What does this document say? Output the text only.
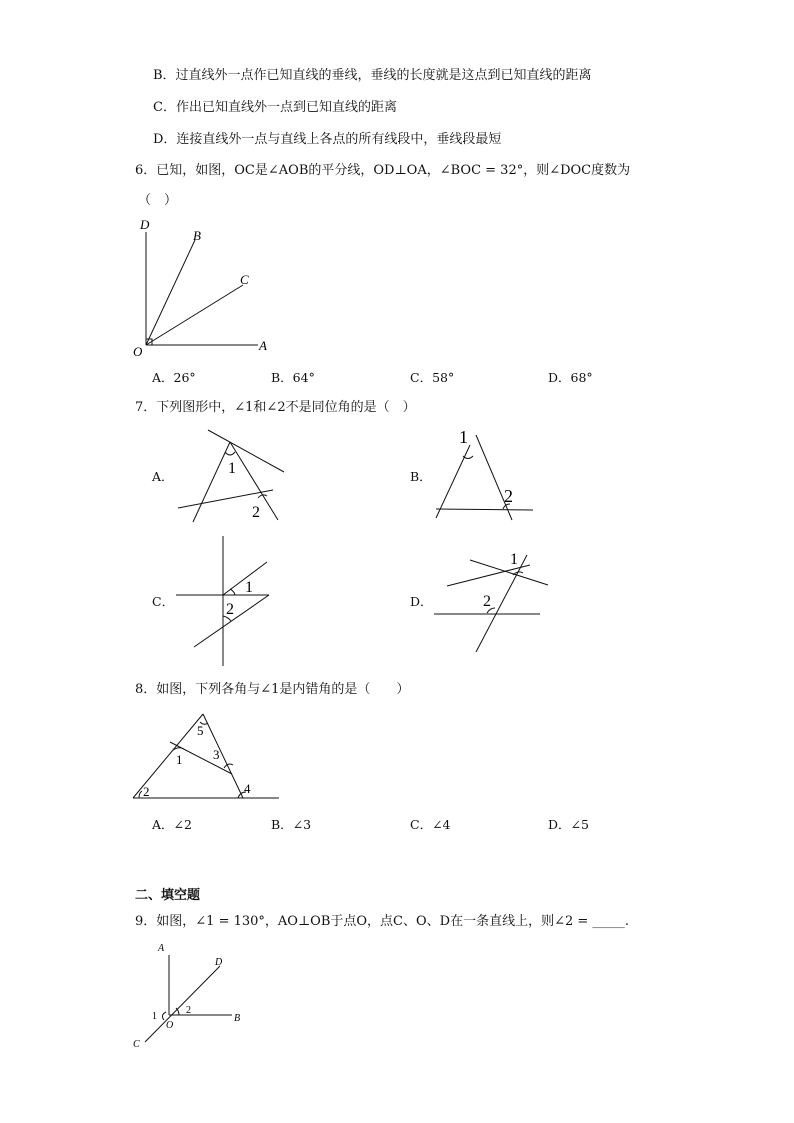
B．过直线外一点作已知直线的垂线，垂线的长度就是这点到已知直线的距离
C．作出已知直线外一点到已知直线的距离
D．连接直线外一点与直线上各点的所有线段中，垂线段最短
6．已知，如图，OC是∠AOB的平分线，OD⊥OA，∠BOC = 32°，则∠DOC度数为
（　）
D
B
C
O	A
A．26°	B．64°	C．58°	D．68°
7．下列图形中，∠1和∠2不是同位角的是（　）
A．	B．
C．	D．
1
2
1
2
1
2
1
2
8．如图，下列各角与∠1是内错角的是（　　）
5
1 3
4
2
A．∠2	B．∠3	C．∠4	D．∠5
二、填空题
9．如图，∠1 = 130°，AO⊥OB于点O，点C、O、D在一条直线上，则∠2 = _____.
A
D
B
C
O
1
2
